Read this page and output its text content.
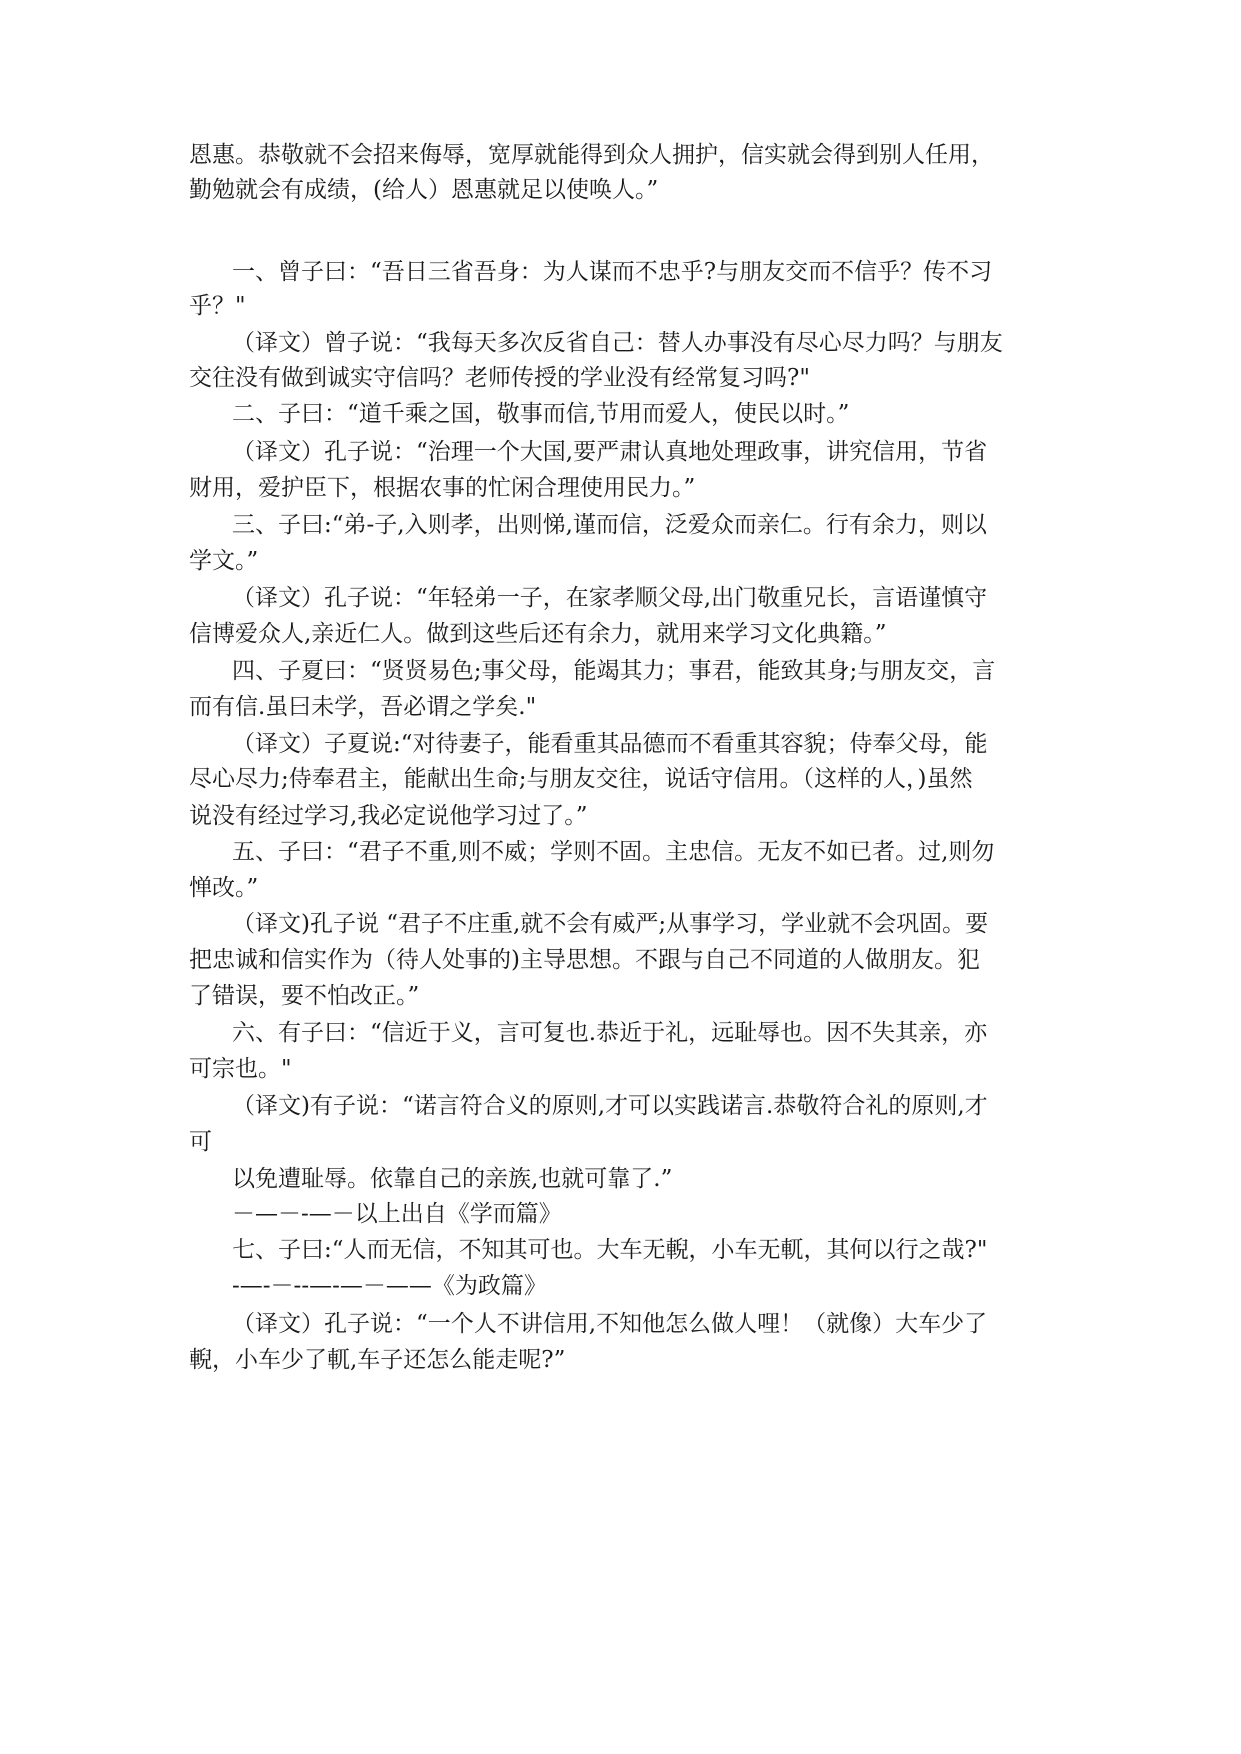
恩惠。恭敬就不会招来侮辱，宽厚就能得到众人拥护，信实就会得到别人任用，
勤勉就会有成绩，(给人）恩惠就足以使唤人。”
一、曾子曰：“吾日三省吾身：为人谋而不忠乎?与朋友交而不信乎？传不习
乎？"
（译文）曾子说：“我每天多次反省自己：替人办事没有尽心尽力吗？与朋友
交往没有做到诚实守信吗？老师传授的学业没有经常复习吗?"
二、子曰：“道千乘之国，敬事而信,节用而爱人，使民以时。”
（译文）孔子说：“治理一个大国,要严肃认真地处理政事，讲究信用，节省
财用，爱护臣下，根据农事的忙闲合理使用民力。”
三、子曰:“弟-子,入则孝，出则悌,谨而信，泛爱众而亲仁。行有余力，则以
学文。”
（译文）孔子说：“年轻弟一子，在家孝顺父母,出门敬重兄长，言语谨慎守
信博爱众人,亲近仁人。做到这些后还有余力，就用来学习文化典籍。”
四、子夏曰：“贤贤易色;事父母，能竭其力；事君，能致其身;与朋友交，言
而有信.虽曰未学，吾必谓之学矣."
（译文）子夏说:“对待妻子，能看重其品德而不看重其容貌；侍奉父母，能
尽心尽力;侍奉君主，能献出生命;与朋友交往，说话守信用。（这样的人，)虽然
说没有经过学习,我必定说他学习过了。”
五、子曰：“君子不重,则不威；学则不固。主忠信。无友不如已者。过,则勿
惮改。”
（译文)孔子说 “君子不庄重,就不会有威严;从事学习，学业就不会巩固。要
把忠诚和信实作为（待人处事的)主导思想。不跟与自己不同道的人做朋友。犯
了错误，要不怕改正。”
六、有子曰：“信近于义，言可复也.恭近于礼，远耻辱也。因不失其亲，亦
可宗也。"
（译文)有子说：“诺言符合义的原则,才可以实践诺言.恭敬符合礼的原则,才
可
以免遭耻辱。依靠自己的亲族,也就可靠了.”
－—－-—－以上出自《学而篇》
七、子曰:“人而无信，不知其可也。大车无輗，小车无軏，其何以行之哉?"
-—-－--—-—－——《为政篇》
（译文）孔子说：“一个人不讲信用,不知他怎么做人哩！（就像）大车少了
輗，小车少了軏,车子还怎么能走呢?”
